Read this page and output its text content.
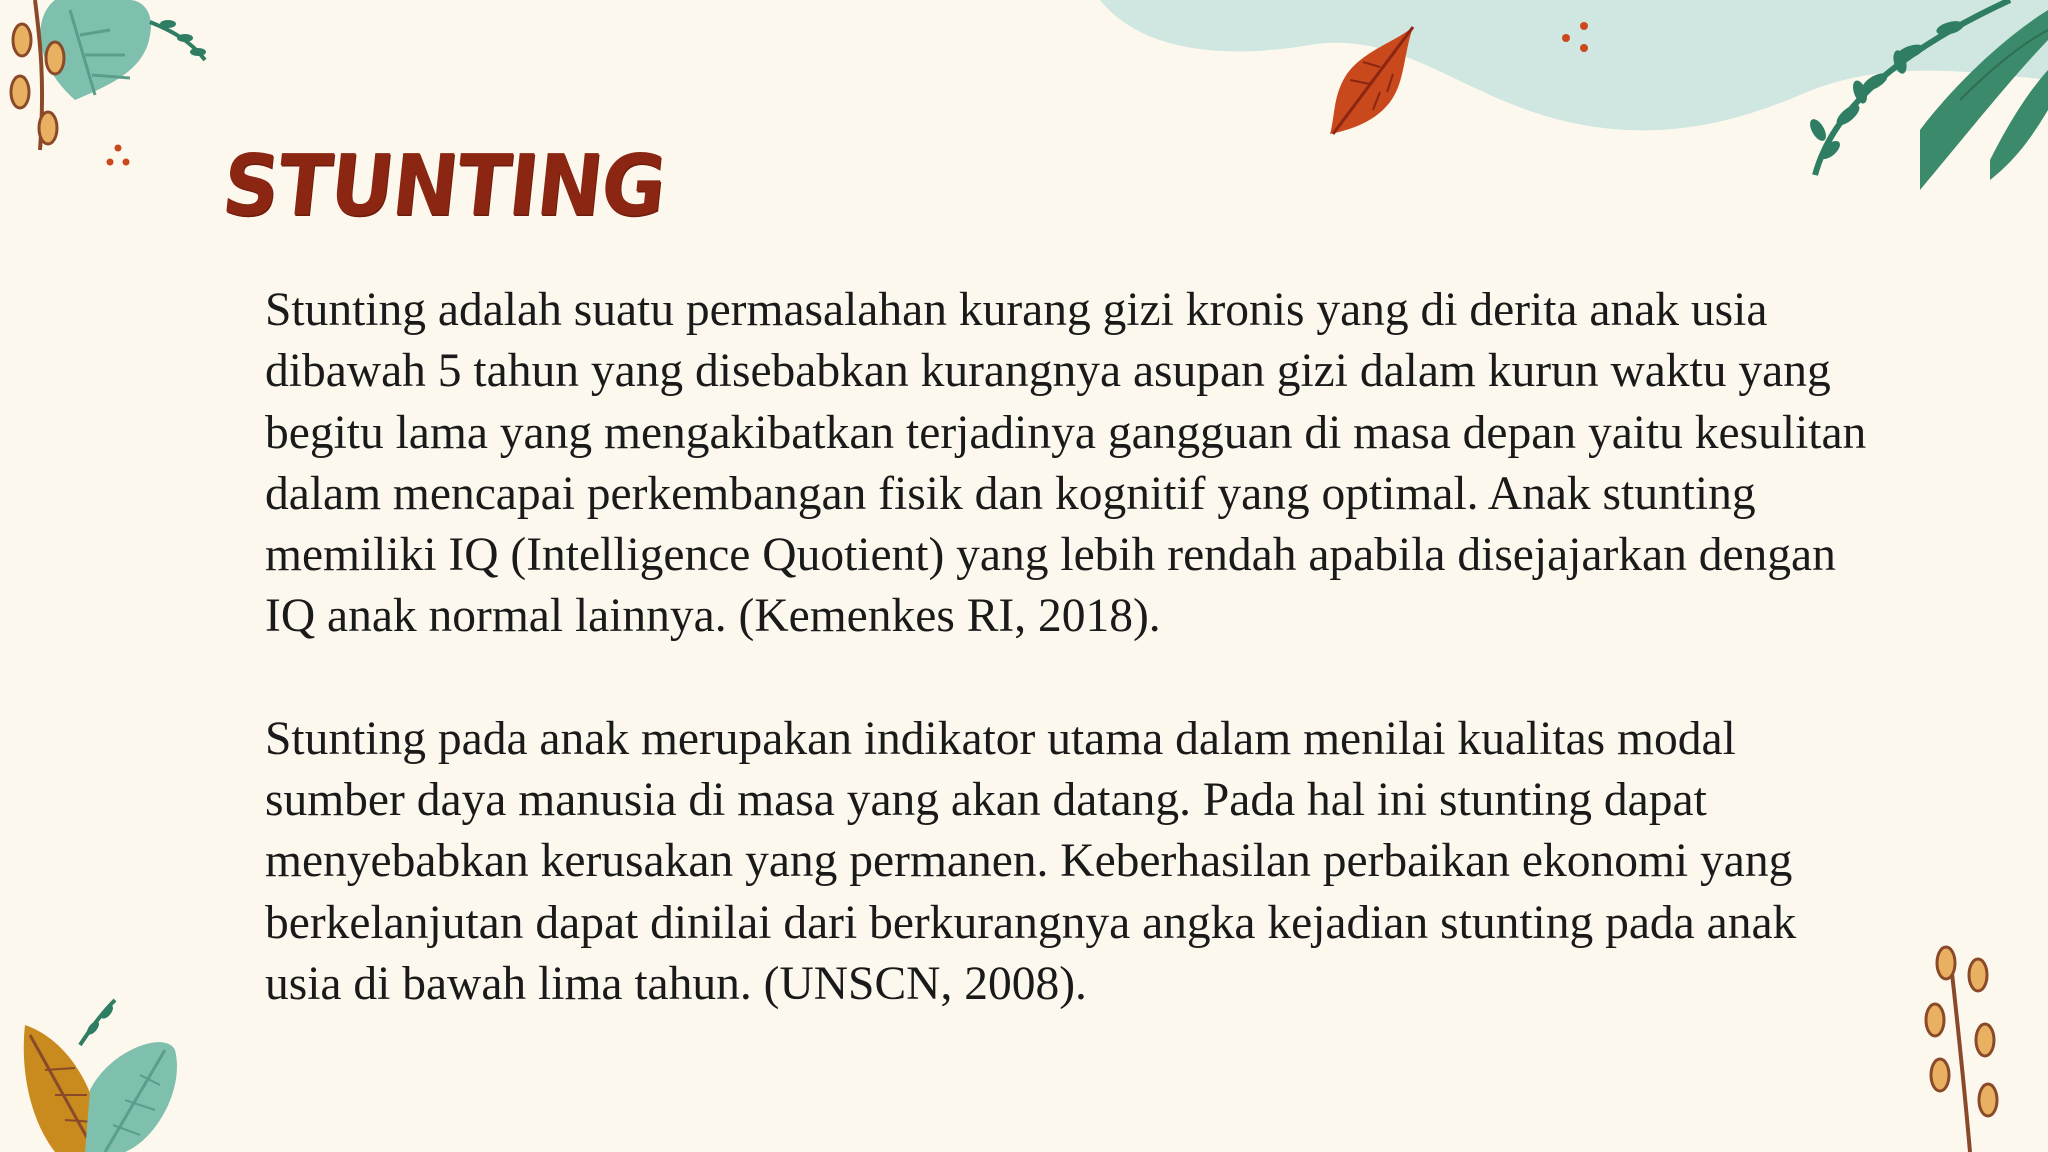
STUNTING

Stunting adalah suatu permasalahan kurang gizi kronis yang di derita anak usia dibawah 5 tahun yang disebabkan kurangnya asupan gizi dalam kurun waktu yang begitu lama yang mengakibatkan terjadinya gangguan di masa depan yaitu kesulitan dalam mencapai perkembangan fisik dan kognitif yang optimal. Anak stunting memiliki IQ (Intelligence Quotient) yang lebih rendah apabila disejajarkan dengan IQ anak normal lainnya. (Kemenkes RI, 2018).

Stunting pada anak merupakan indikator utama dalam menilai kualitas modal sumber daya manusia di masa yang akan datang. Pada hal ini stunting dapat menyebabkan kerusakan yang permanen. Keberhasilan perbaikan ekonomi yang berkelanjutan dapat dinilai dari berkurangnya angka kejadian stunting pada anak usia di bawah lima tahun. (UNSCN, 2008).
